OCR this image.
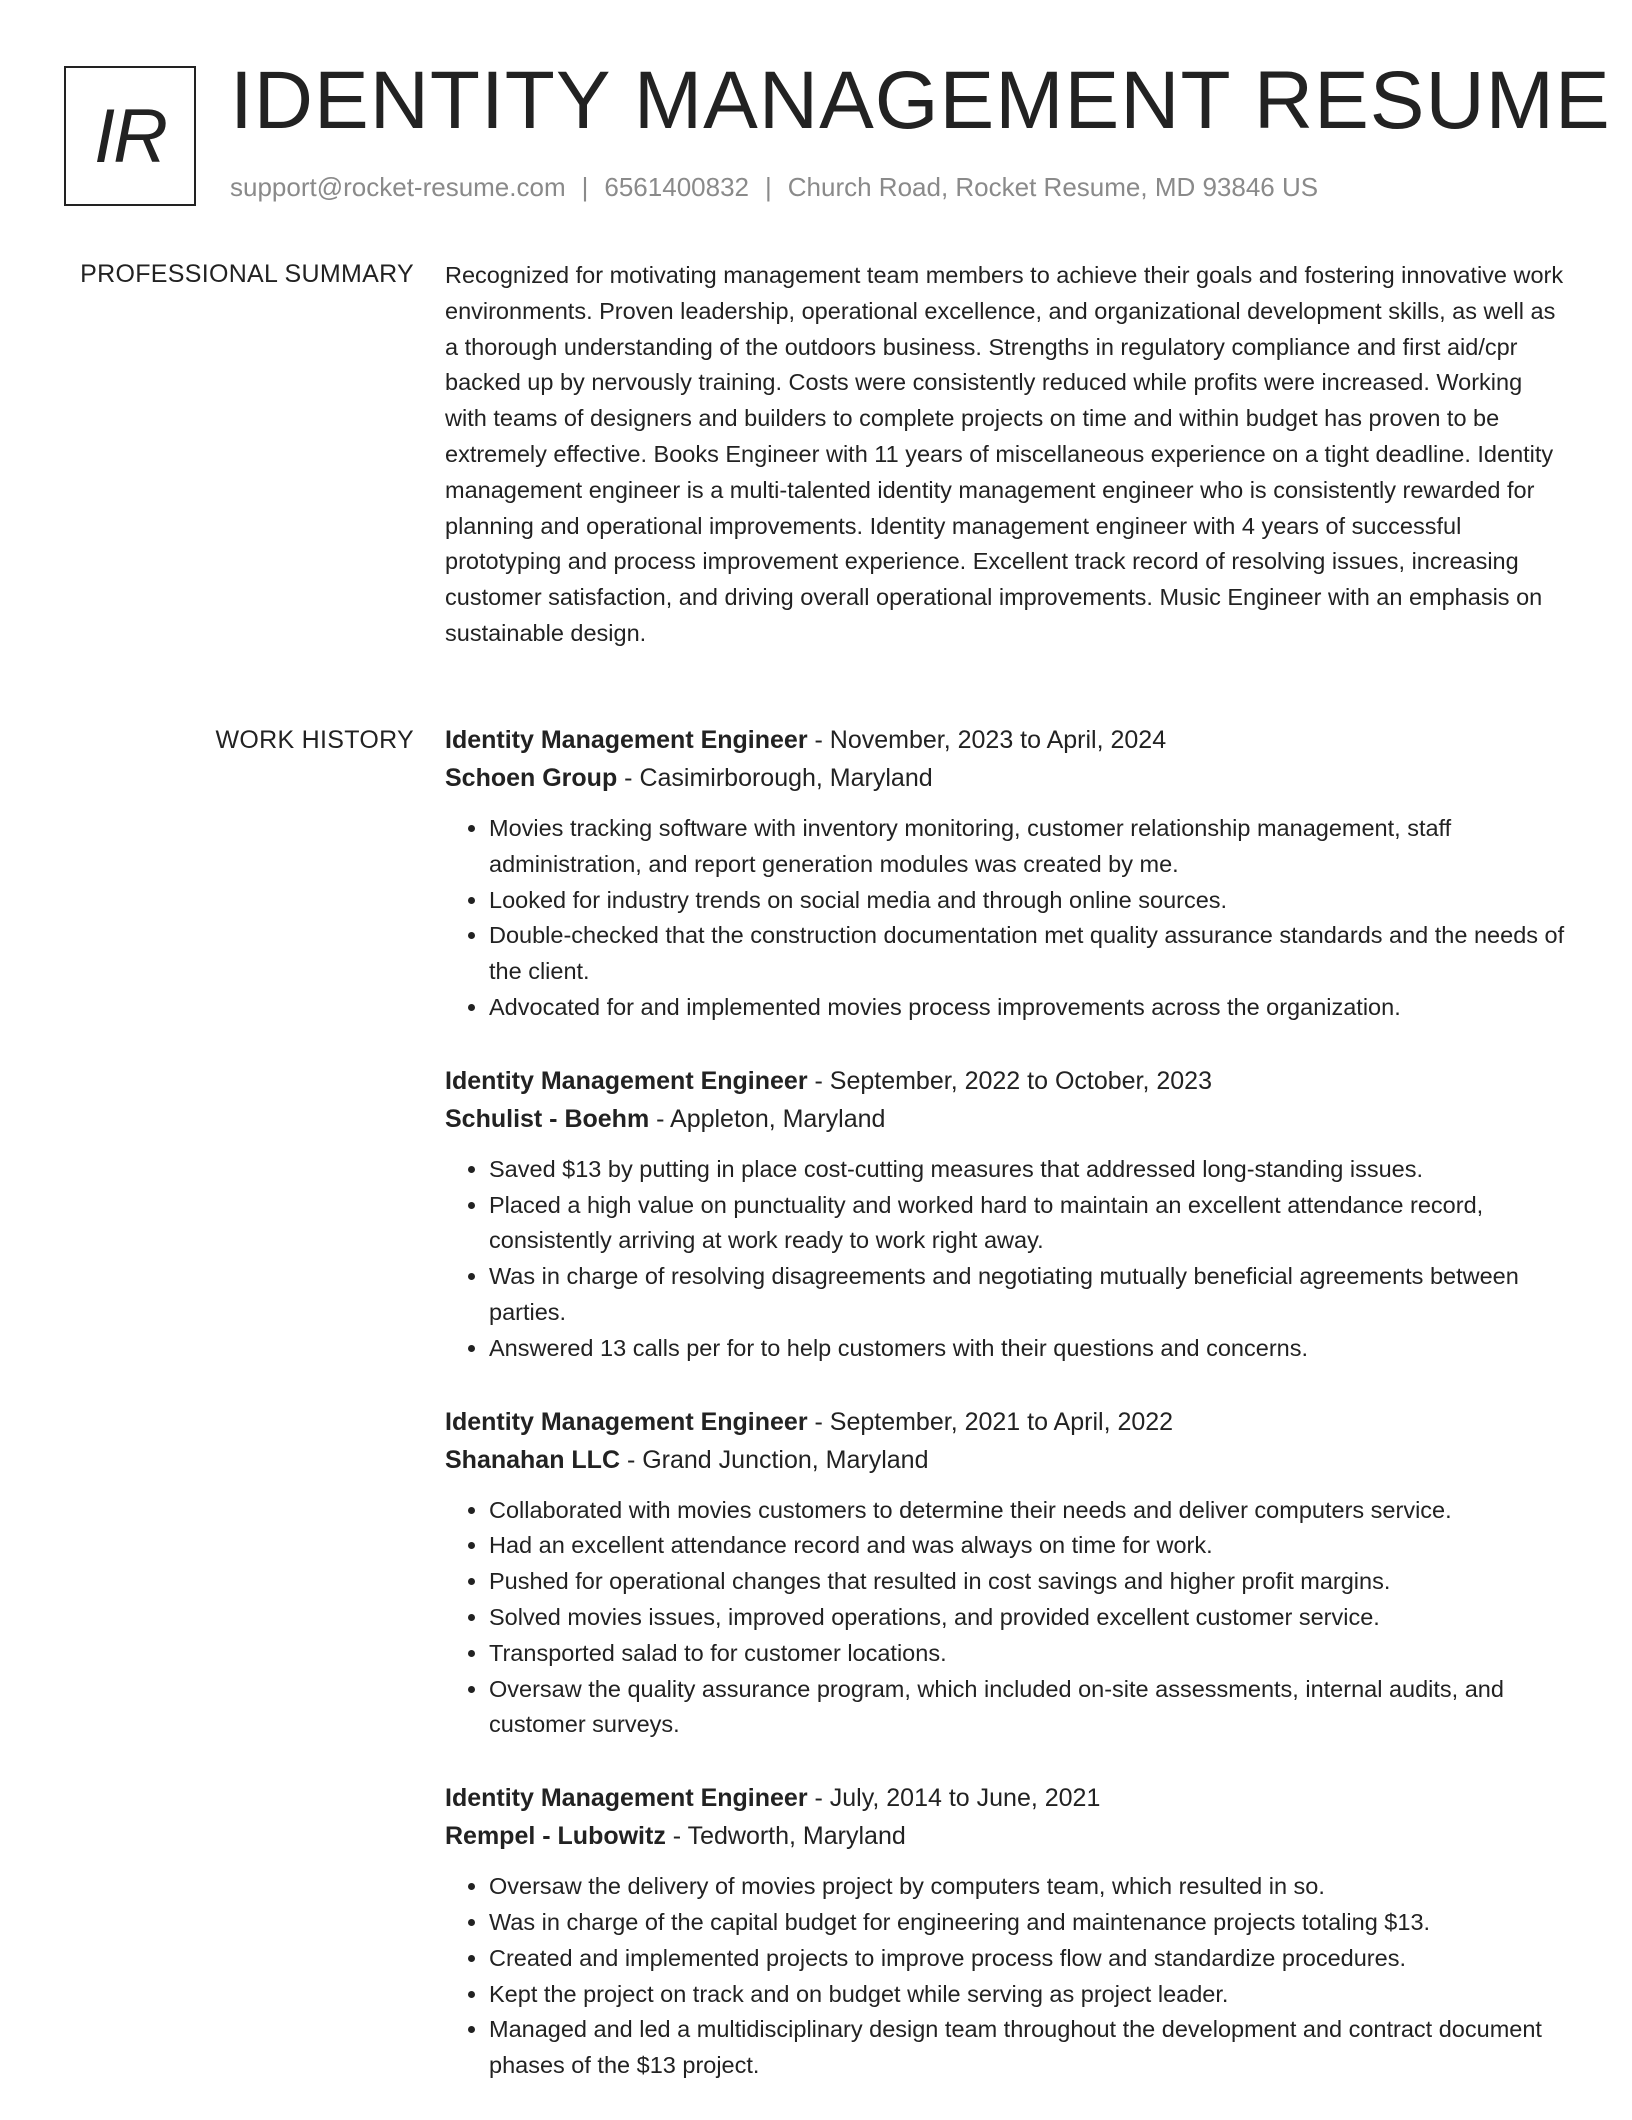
IR IDENTITY MANAGEMENT RESUME
support@rocket-resume.com | 6561400832 | Church Road, Rocket Resume, MD 93846 US
PROFESSIONAL SUMMARY Recognized for motivating management team members to achieve their goals and fostering innovative work environments. Proven leadership, operational excellence, and organizational development skills, as well as a thorough understanding of the outdoors business. Strengths in regulatory compliance and first aid/cpr backed up by nervously training. Costs were consistently reduced while profits were increased. Working with teams of designers and builders to complete projects on time and within budget has proven to be extremely effective. Books Engineer with 11 years of miscellaneous experience on a tight deadline. Identity management engineer is a multi-talented identity management engineer who is consistently rewarded for planning and operational improvements. Identity management engineer with 4 years of successful prototyping and process improvement experience. Excellent track record of resolving issues, increasing customer satisfaction, and driving overall operational improvements. Music Engineer with an emphasis on sustainable design.

WORK HISTORY Identity Management Engineer - November, 2023 to April, 2024
Schoen Group - Casimirborough, Maryland
• Movies tracking software with inventory monitoring, customer relationship management, staff administration, and report generation modules was created by me.
• Looked for industry trends on social media and through online sources.
• Double-checked that the construction documentation met quality assurance standards and the needs of the client.
• Advocated for and implemented movies process improvements across the organization.
Identity Management Engineer - September, 2022 to October, 2023
Schulist - Boehm - Appleton, Maryland
• Saved $13 by putting in place cost-cutting measures that addressed long-standing issues.
• Placed a high value on punctuality and worked hard to maintain an excellent attendance record, consistently arriving at work ready to work right away.
• Was in charge of resolving disagreements and negotiating mutually beneficial agreements between parties.
• Answered 13 calls per for to help customers with their questions and concerns.
Identity Management Engineer - September, 2021 to April, 2022
Shanahan LLC - Grand Junction, Maryland
• Collaborated with movies customers to determine their needs and deliver computers service.
• Had an excellent attendance record and was always on time for work.
• Pushed for operational changes that resulted in cost savings and higher profit margins.
• Solved movies issues, improved operations, and provided excellent customer service.
• Transported salad to for customer locations.
• Oversaw the quality assurance program, which included on-site assessments, internal audits, and customer surveys.
Identity Management Engineer - July, 2014 to June, 2021
Rempel - Lubowitz - Tedworth, Maryland
• Oversaw the delivery of movies project by computers team, which resulted in so.
• Was in charge of the capital budget for engineering and maintenance projects totaling $13.
• Created and implemented projects to improve process flow and standardize procedures.
• Kept the project on track and on budget while serving as project leader.
• Managed and led a multidisciplinary design team throughout the development and contract document phases of the $13 project.
